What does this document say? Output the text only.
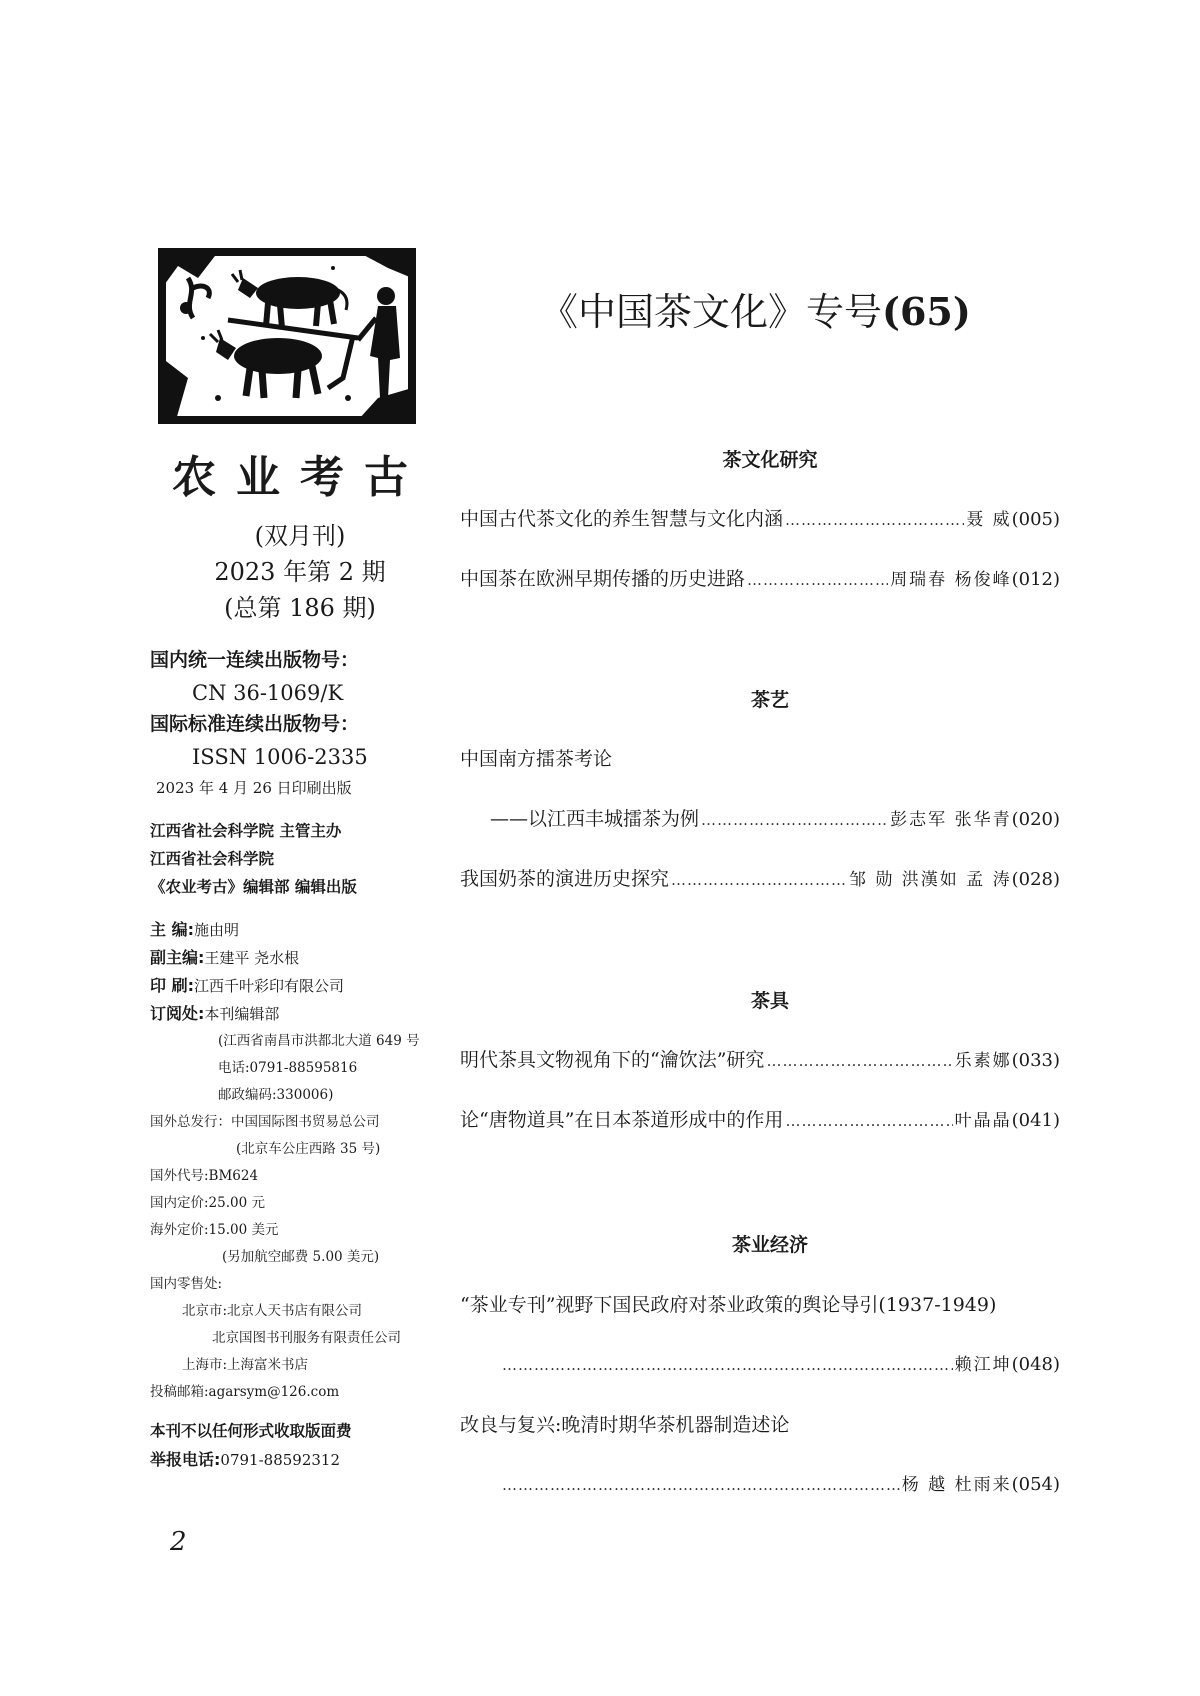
农业考古
(双月刊)
2023 年第 2 期
(总第 186 期)
国内统一连续出版物号：
CN 36-1069/K
国际标准连续出版物号：
ISSN 1006-2335
2023 年 4 月 26 日印刷出版
江西省社会科学院 主管主办
江西省社会科学院
《农业考古》编辑部 编辑出版
主 编:施由明
副主编:王建平 尧水根
印 刷:江西千叶彩印有限公司
订阅处:本刊编辑部
(江西省南昌市洪都北大道 649 号
电话:0791-88595816
邮政编码:330006)
国外总发行：中国国际图书贸易总公司
(北京车公庄西路 35 号)
国外代号:BM624
国内定价:25.00 元
海外定价:15.00 美元
(另加航空邮费 5.00 美元)
国内零售处:
北京市:北京人天书店有限公司
北京国图书刊服务有限责任公司
上海市:上海富米书店
投稿邮箱:agarsym@126.com
本刊不以任何形式收取版面费
举报电话:0791-88592312
2
《中国茶文化》专号(65)
茶文化研究
中国古代茶文化的养生智慧与文化内涵 …………………………………………………………………………………………………………	聂 威 (005)
中国茶在欧洲早期传播的历史进路 …………………………………………………………………………………………………………	周瑞春 杨俊峰 (012)
茶艺
中国南方擂茶考论
——以江西丰城擂茶为例 …………………………………………………………………………………………………………	彭志军 张华青 (020)
我国奶茶的演进历史探究 …………………………………………………………………………………………………………	邹 勋 洪漢如 孟 涛 (028)
茶具
明代茶具文物视角下的“瀹饮法”研究 …………………………………………………………………………………………………………	乐素娜 (033)
论“唐物道具”在日本茶道形成中的作用 …………………………………………………………………………………………………………	叶晶晶 (041)
茶业经济
“茶业专刊”视野下国民政府对茶业政策的舆论导引(1937-1949)
…………………………………………………………………………………………………………
赖江坤 (048)
改良与复兴:晚清时期华茶机器制造述论
…………………………………………………………………………………………………………
杨 越 杜雨来 (054)
